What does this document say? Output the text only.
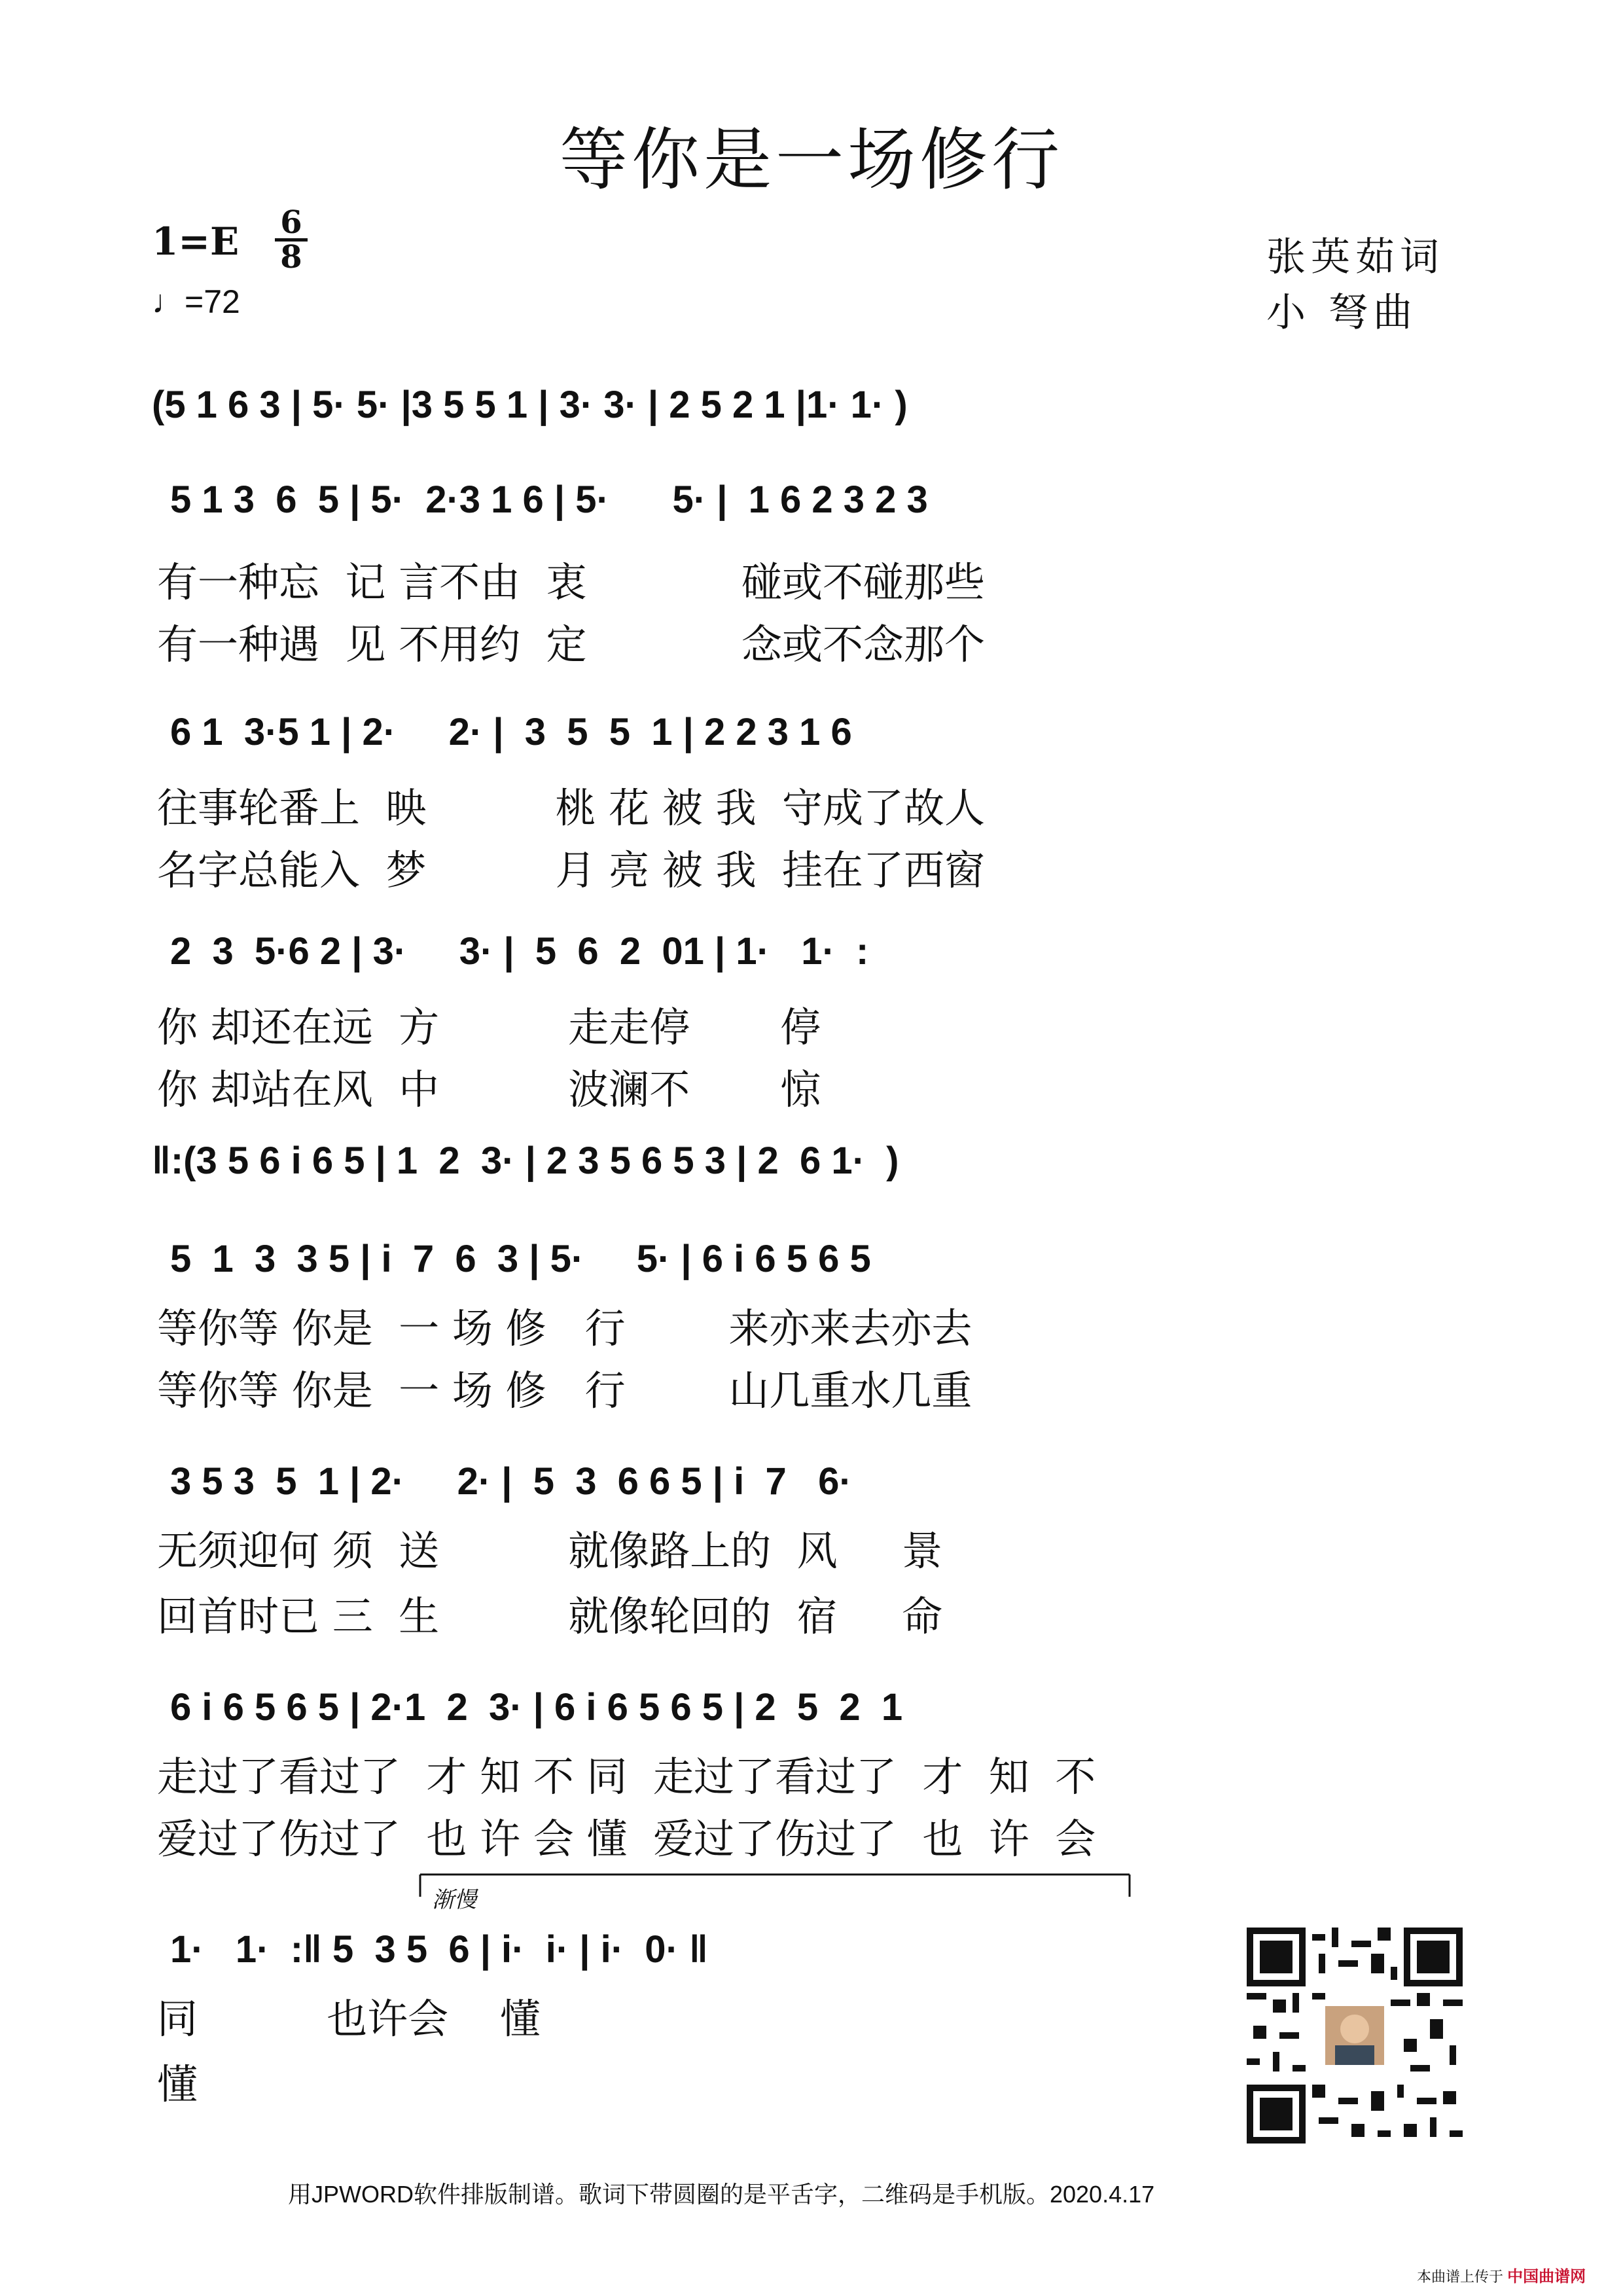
等你是一场修行
1=E 6
8
♩=72
张英茹词
小 弩曲
(5 1 6 3 | 5· 5· |3 5 5 1 | 3· 3· | 2 5 2 1 |1· 1· )
5 1 3  6  5 | 5·  2·3 1 6 | 5·      5· |  1 6 2 3 2 3
有一种忘  记 言不由  衷            碰或不碰那些
有一种遇  见 不用约  定            念或不念那个
6 1  3·5 1 | 2·     2· |  3  5  5  1 | 2 2 3 1 6
往事轮番上  映          桃 花 被 我  守成了故人
名字总能入  梦          月 亮 被 我  挂在了西窗
2  3  5·6 2 | 3·     3· |  5  6  2  01 | 1·   1·  :
你 却还在远  方          走走停       停
你 却站在风  中          波澜不       惊
‖:(3 5 6 i 6 5 | 1  2  3· | 2 3 5 6 5 3 | 2  6 1·  )
5  1  3  3 5 | i  7  6  3 | 5·     5· | 6 i 6 5 6 5
等你等 你是  一 场 修   行        来亦来去亦去
等你等 你是  一 场 修   行        山几重水几重
3 5 3  5  1 | 2·     2· |  5  3  6 6 5 | i  7   6·
无须迎何 须  送          就像路上的  风     景
回首时已 三  生          就像轮回的  宿     命
6 i 6 5 6 5 | 2·1  2  3· | 6 i 6 5 6 5 | 2  5  2  1
走过了看过了  才 知 不 同  走过了看过了  才  知  不
爱过了伤过了  也 许 会 懂  爱过了伤过了  也  许  会
渐慢
1·   1·  :‖ 5  3 5  6 | i·  i· | i·  0· ‖
同          也许会    懂
懂
用JPWORD软件排版制谱。歌词下带圆圈的是平舌字，二维码是手机版。2020.4.17
本曲谱上传于 中国曲谱网
